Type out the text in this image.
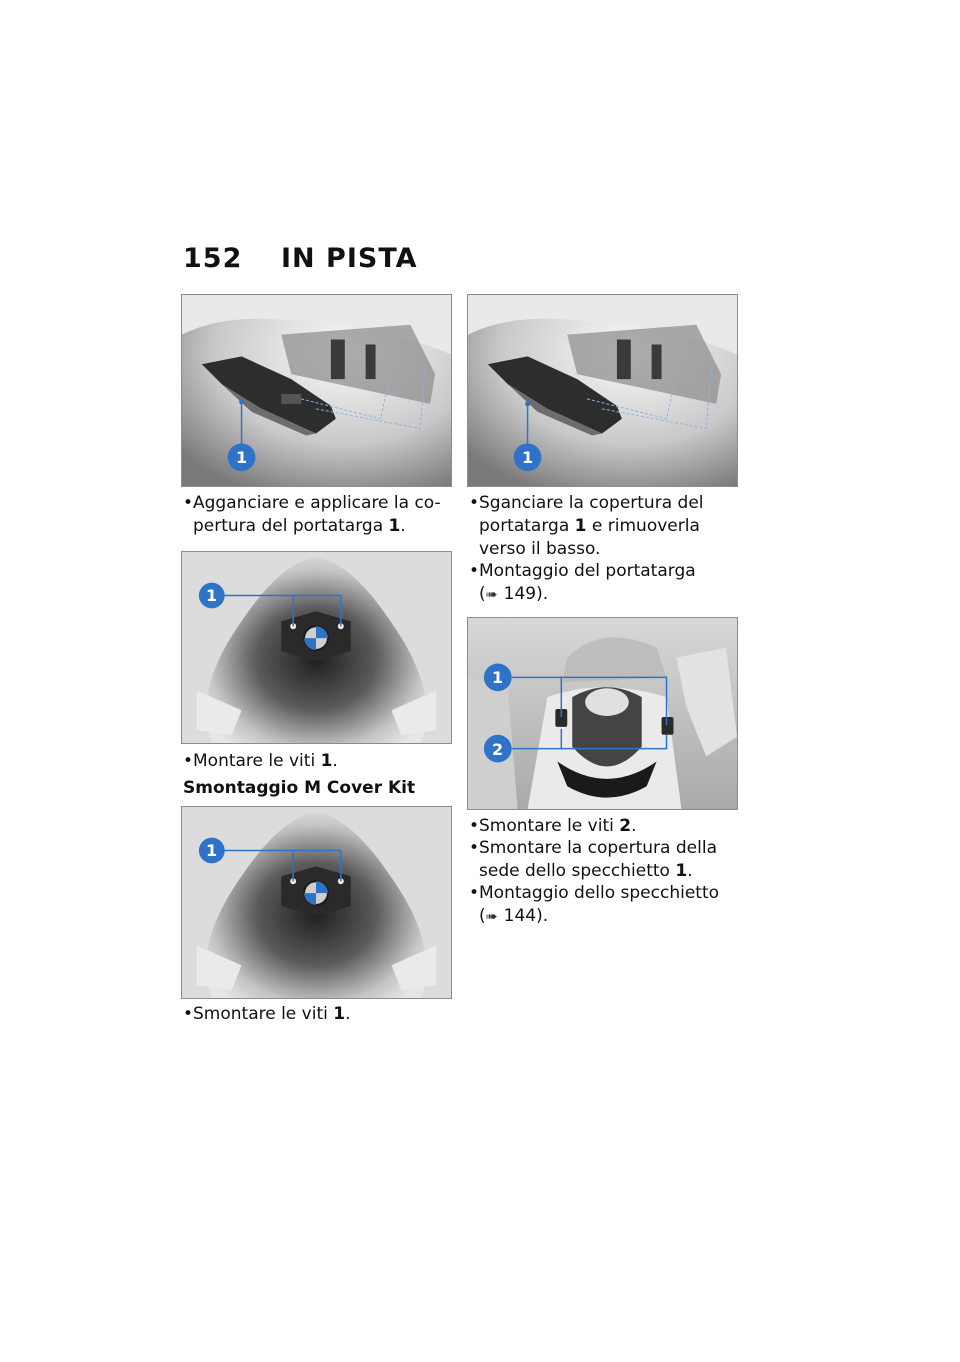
152 IN PISTA
1	1
• Agganciare e applicare la co-
pertura del portatarga 1.
1
• Montare le viti 1.
Smontaggio M Cover Kit
1
• Smontare le viti 1.
• Sganciare la copertura del
portatarga 1 e rimuoverla
verso il basso.
• Montaggio del portatarga
(➠ 149).
1
2
• Smontare le viti 2.
• Smontare la copertura della
sede dello specchietto 1.
• Montaggio dello specchietto
(➠ 144).
